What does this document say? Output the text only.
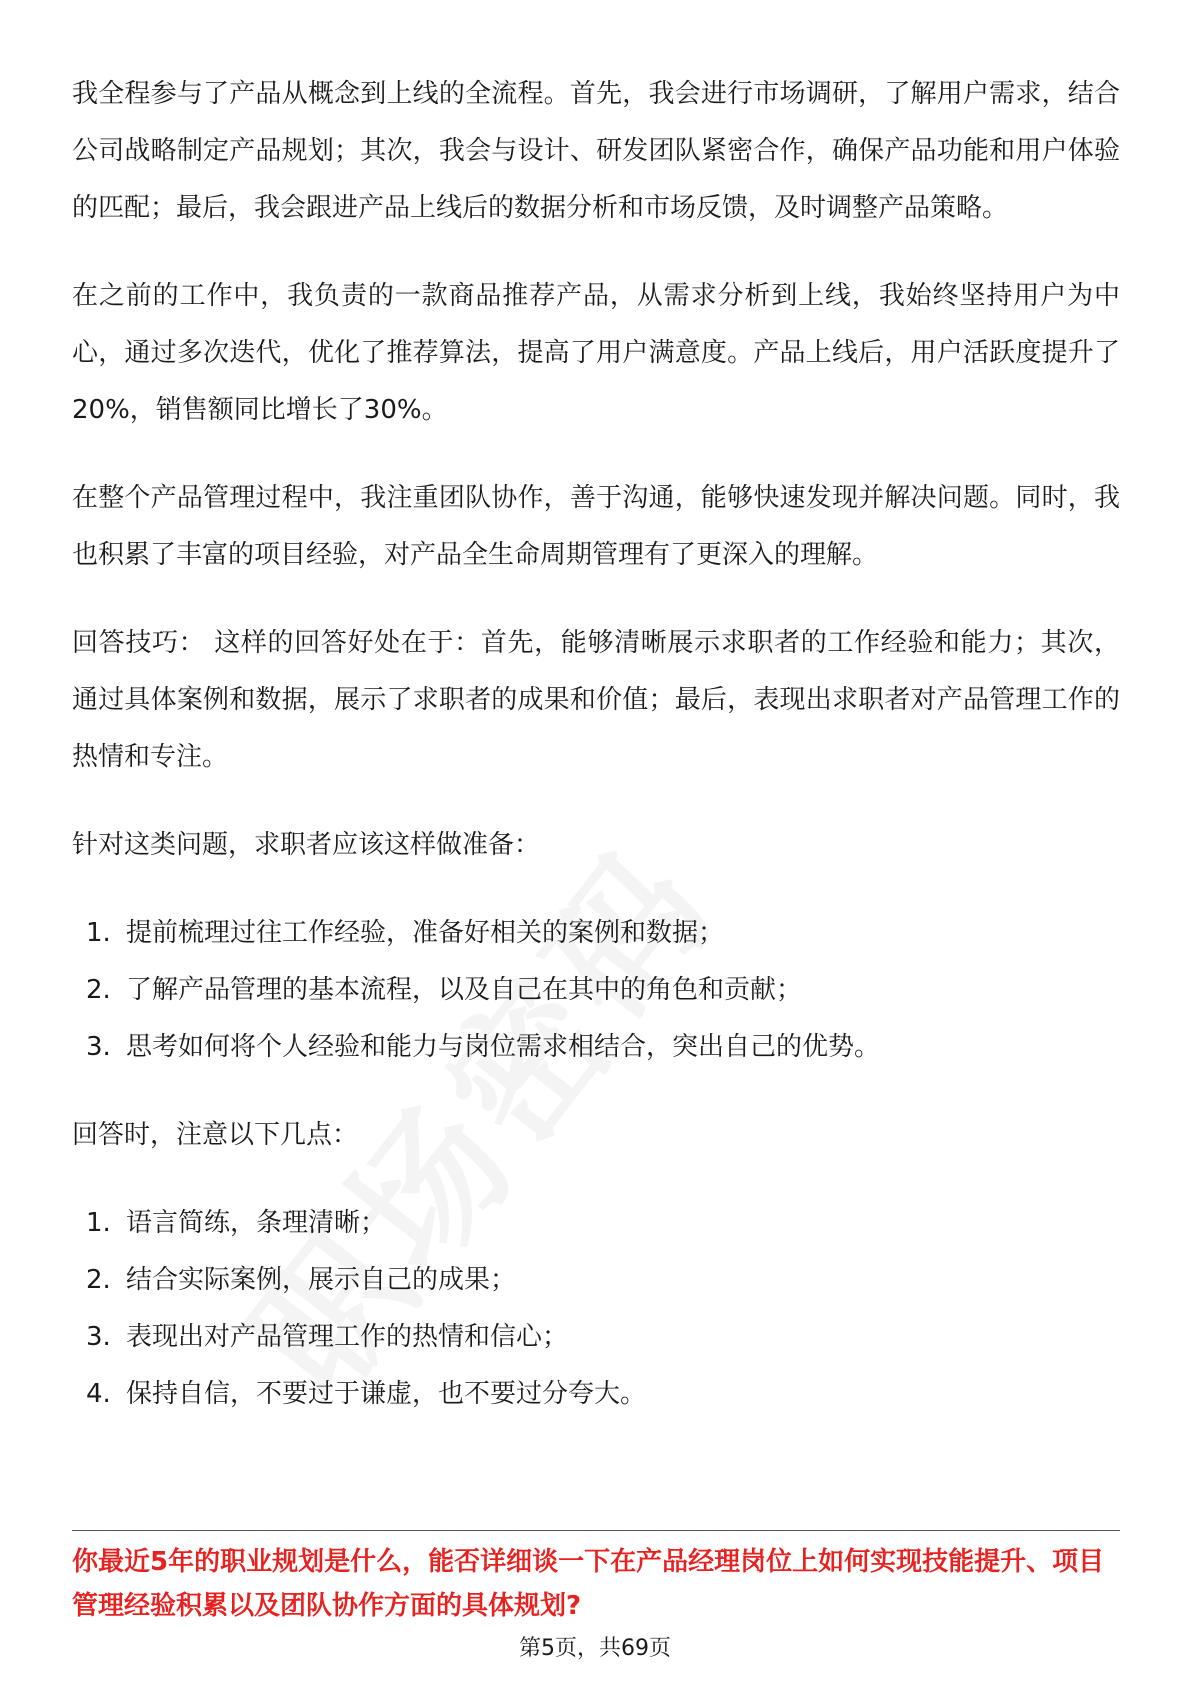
我全程参与了产品从概念到上线的全流程。首先，我会进行市场调研，了解用户需求，结合公司战略制定产品规划；其次，我会与设计、研发团队紧密合作，确保产品功能和用户体验的匹配；最后，我会跟进产品上线后的数据分析和市场反馈，及时调整产品策略。

在之前的工作中，我负责的一款商品推荐产品，从需求分析到上线，我始终坚持用户为中心，通过多次迭代，优化了推荐算法，提高了用户满意度。产品上线后，用户活跃度提升了20%，销售额同比增长了30%。

在整个产品管理过程中，我注重团队协作，善于沟通，能够快速发现并解决问题。同时，我也积累了丰富的项目经验，对产品全生命周期管理有了更深入的理解。

回答技巧： 这样的回答好处在于：首先，能够清晰展示求职者的工作经验和能力；其次，通过具体案例和数据，展示了求职者的成果和价值；最后，表现出求职者对产品管理工作的热情和专注。

针对这类问题，求职者应该这样做准备：

1. 提前梳理过往工作经验，准备好相关的案例和数据；
2. 了解产品管理的基本流程，以及自己在其中的角色和贡献；
3. 思考如何将个人经验和能力与岗位需求相结合，突出自己的优势。

回答时，注意以下几点：

1. 语言简练，条理清晰；
2. 结合实际案例，展示自己的成果；
3. 表现出对产品管理工作的热情和信心；
4. 保持自信，不要过于谦虚，也不要过分夸大。
你最近5年的职业规划是什么，能否详细谈一下在产品经理岗位上如何实现技能提升、项目管理经验积累以及团队协作方面的具体规划?
第5页，共69页
